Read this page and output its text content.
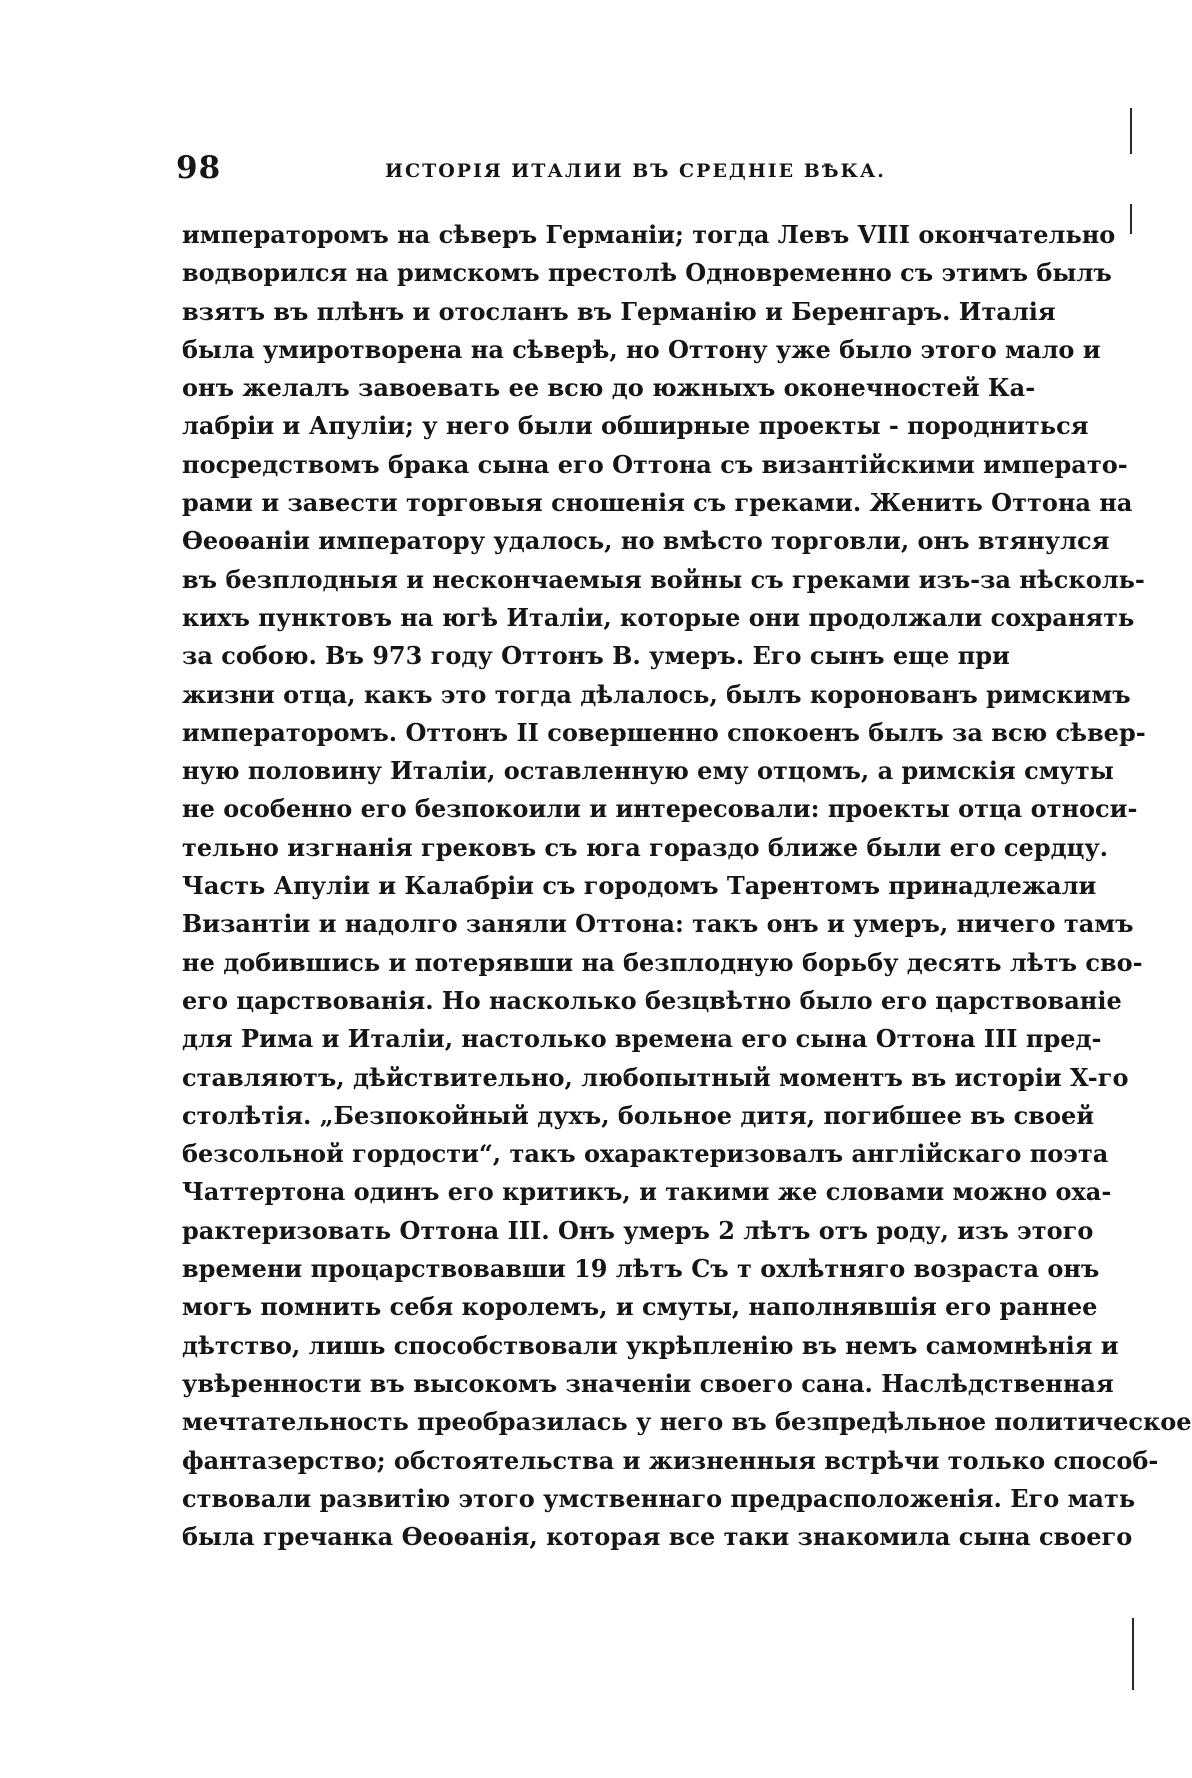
98	ИСТОРІЯ ИТАЛИИ ВЪ СРЕДНІЕ ВѢКА.
императоромъ на сѣверъ Германіи; тогда Левъ VIII окончательно
водворился на римскомъ престолѣ Одновременно съ этимъ былъ
взятъ въ плѣнъ и отосланъ въ Германію и Беренгаръ. Италія
была умиротворена на сѣверѣ, но Оттону уже было этого мало и
онъ желалъ завоевать ее всю до южныхъ оконечностей Ка-
лабріи и Апуліи; у него были обширные проекты - породниться
посредствомъ брака сына его Оттона съ византійскими императо-
рами и завести торговыя сношенія съ греками. Женить Оттона на
Ѳеоѳаніи императору удалось, но вмѣсто торговли, онъ втянулся
въ безплодныя и нескончаемыя войны съ греками изъ-за нѣсколь-
кихъ пунктовъ на югѣ Италіи, которые они продолжали сохранять
за собою. Въ 973 году Оттонъ В. умеръ. Его сынъ еще при
жизни отца, какъ это тогда дѣлалось, былъ коронованъ римскимъ
императоромъ. Оттонъ II совершенно спокоенъ былъ за всю сѣвер-
ную половину Италіи, оставленную ему отцомъ, а римскія смуты
не особенно его безпокоили и интересовали: проекты отца относи-
тельно изгнанія грековъ съ юга гораздо ближе были его сердцу.
Часть Апуліи и Калабріи съ городомъ Тарентомъ принадлежали
Византіи и надолго заняли Оттона: такъ онъ и умеръ, ничего тамъ
не добившись и потерявши на безплодную борьбу десять лѣтъ сво-
его царствованія. Но насколько безцвѣтно было его царствованіе
для Рима и Италіи, настолько времена его сына Оттона III пред-
ставляютъ, дѣйствительно, любопытный моментъ въ исторіи X-го
столѣтія. „Безпокойный духъ, больное дитя, погибшее въ своей
безсольной гордости“, такъ охарактеризовалъ англійскаго поэта
Чаттертона одинъ его критикъ, и такими же словами можно оха-
рактеризовать Оттона III. Онъ умеръ 2 лѣтъ отъ роду, изъ этого
времени процарствовавши 19 лѣтъ Съ т охлѣтняго возраста онъ
могъ помнить себя королемъ, и смуты, наполнявшія его раннее
дѣтство, лишь способствовали укрѣпленію въ немъ самомнѣнія и
увѣренности въ высокомъ значеніи своего сана. Наслѣдственная
мечтательность преобразилась у него въ безпредѣльное политическое
фантазерство; обстоятельства и жизненныя встрѣчи только способ-
ствовали развитію этого умственнаго предрасположенія. Его мать
была гречанка Ѳеоѳанія, которая все таки знакомила сына своего
